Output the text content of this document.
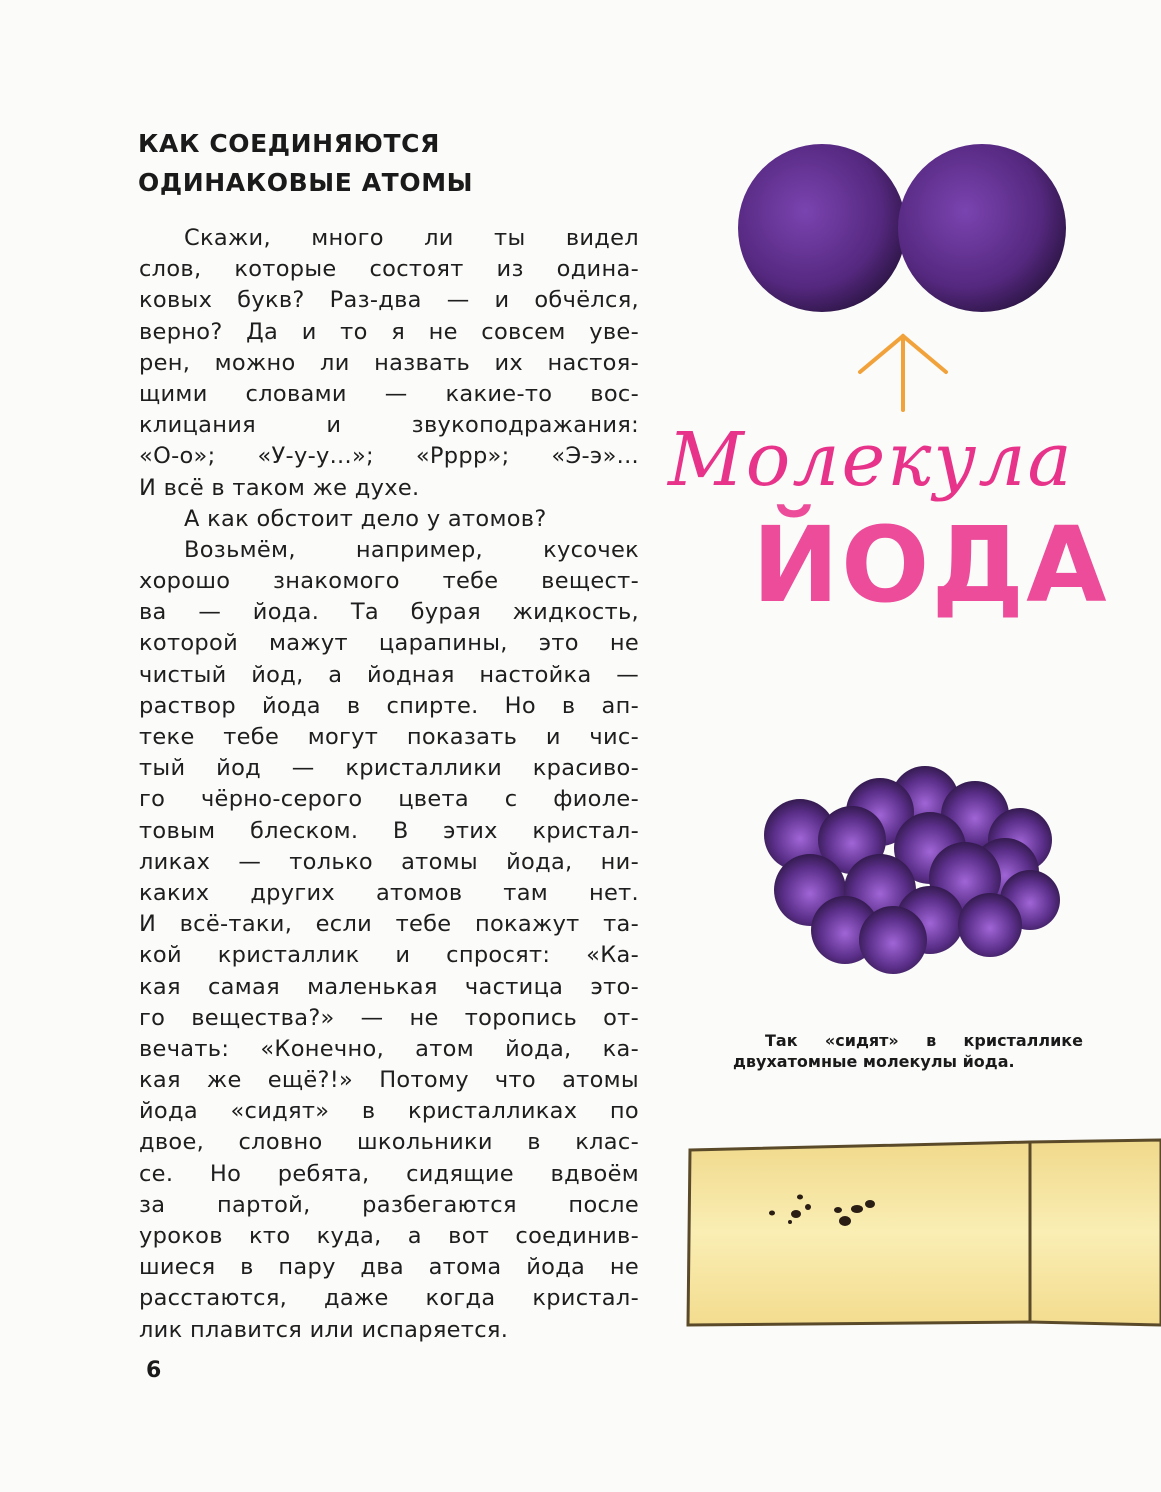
КАК СОЕДИНЯЮТСЯ
ОДИНАКОВЫЕ АТОМЫ
Скажи, много ли ты видел
слов, которые состоят из одина-
ковых букв? Раз-два — и обчёлся,
верно? Да и то я не совсем уве-
рен, можно ли назвать их настоя-
щими словами — какие-то вос-
клицания и звукоподражания:
«О-о»; «У-у-у...»; «Рррр»; «Э-э»...
И всё в таком же духе.
А как обстоит дело у атомов?
Возьмём, например, кусочек
хорошо знакомого тебе вещест-
ва — йода. Та бурая жидкость,
которой мажут царапины, это не
чистый йод, а йодная настойка —
раствор йода в спирте. Но в ап-
теке тебе могут показать и чис-
тый йод — кристаллики красиво-
го чёрно-серого цвета с фиоле-
товым блеском. В этих кристал-
ликах — только атомы йода, ни-
каких других атомов там нет.
И всё-таки, если тебе покажут та-
кой кристаллик и спросят: «Ка-
кая самая маленькая частица это-
го вещества?» — не торопись от-
вечать: «Конечно, атом йода, ка-
кая же ещё?!» Потому что атомы
йода «сидят» в кристалликах по
двое, словно школьники в клас-
се. Но ребята, сидящие вдвоём
за партой, разбегаются после
уроков кто куда, а вот соединив-
шиеся в пару два атома йода не
расстаются, даже когда кристал-
лик плавится или испаряется.
Молекула
ЙОДА
Так «сидят» в кристаллике
двухатомные молекулы йода.
6
